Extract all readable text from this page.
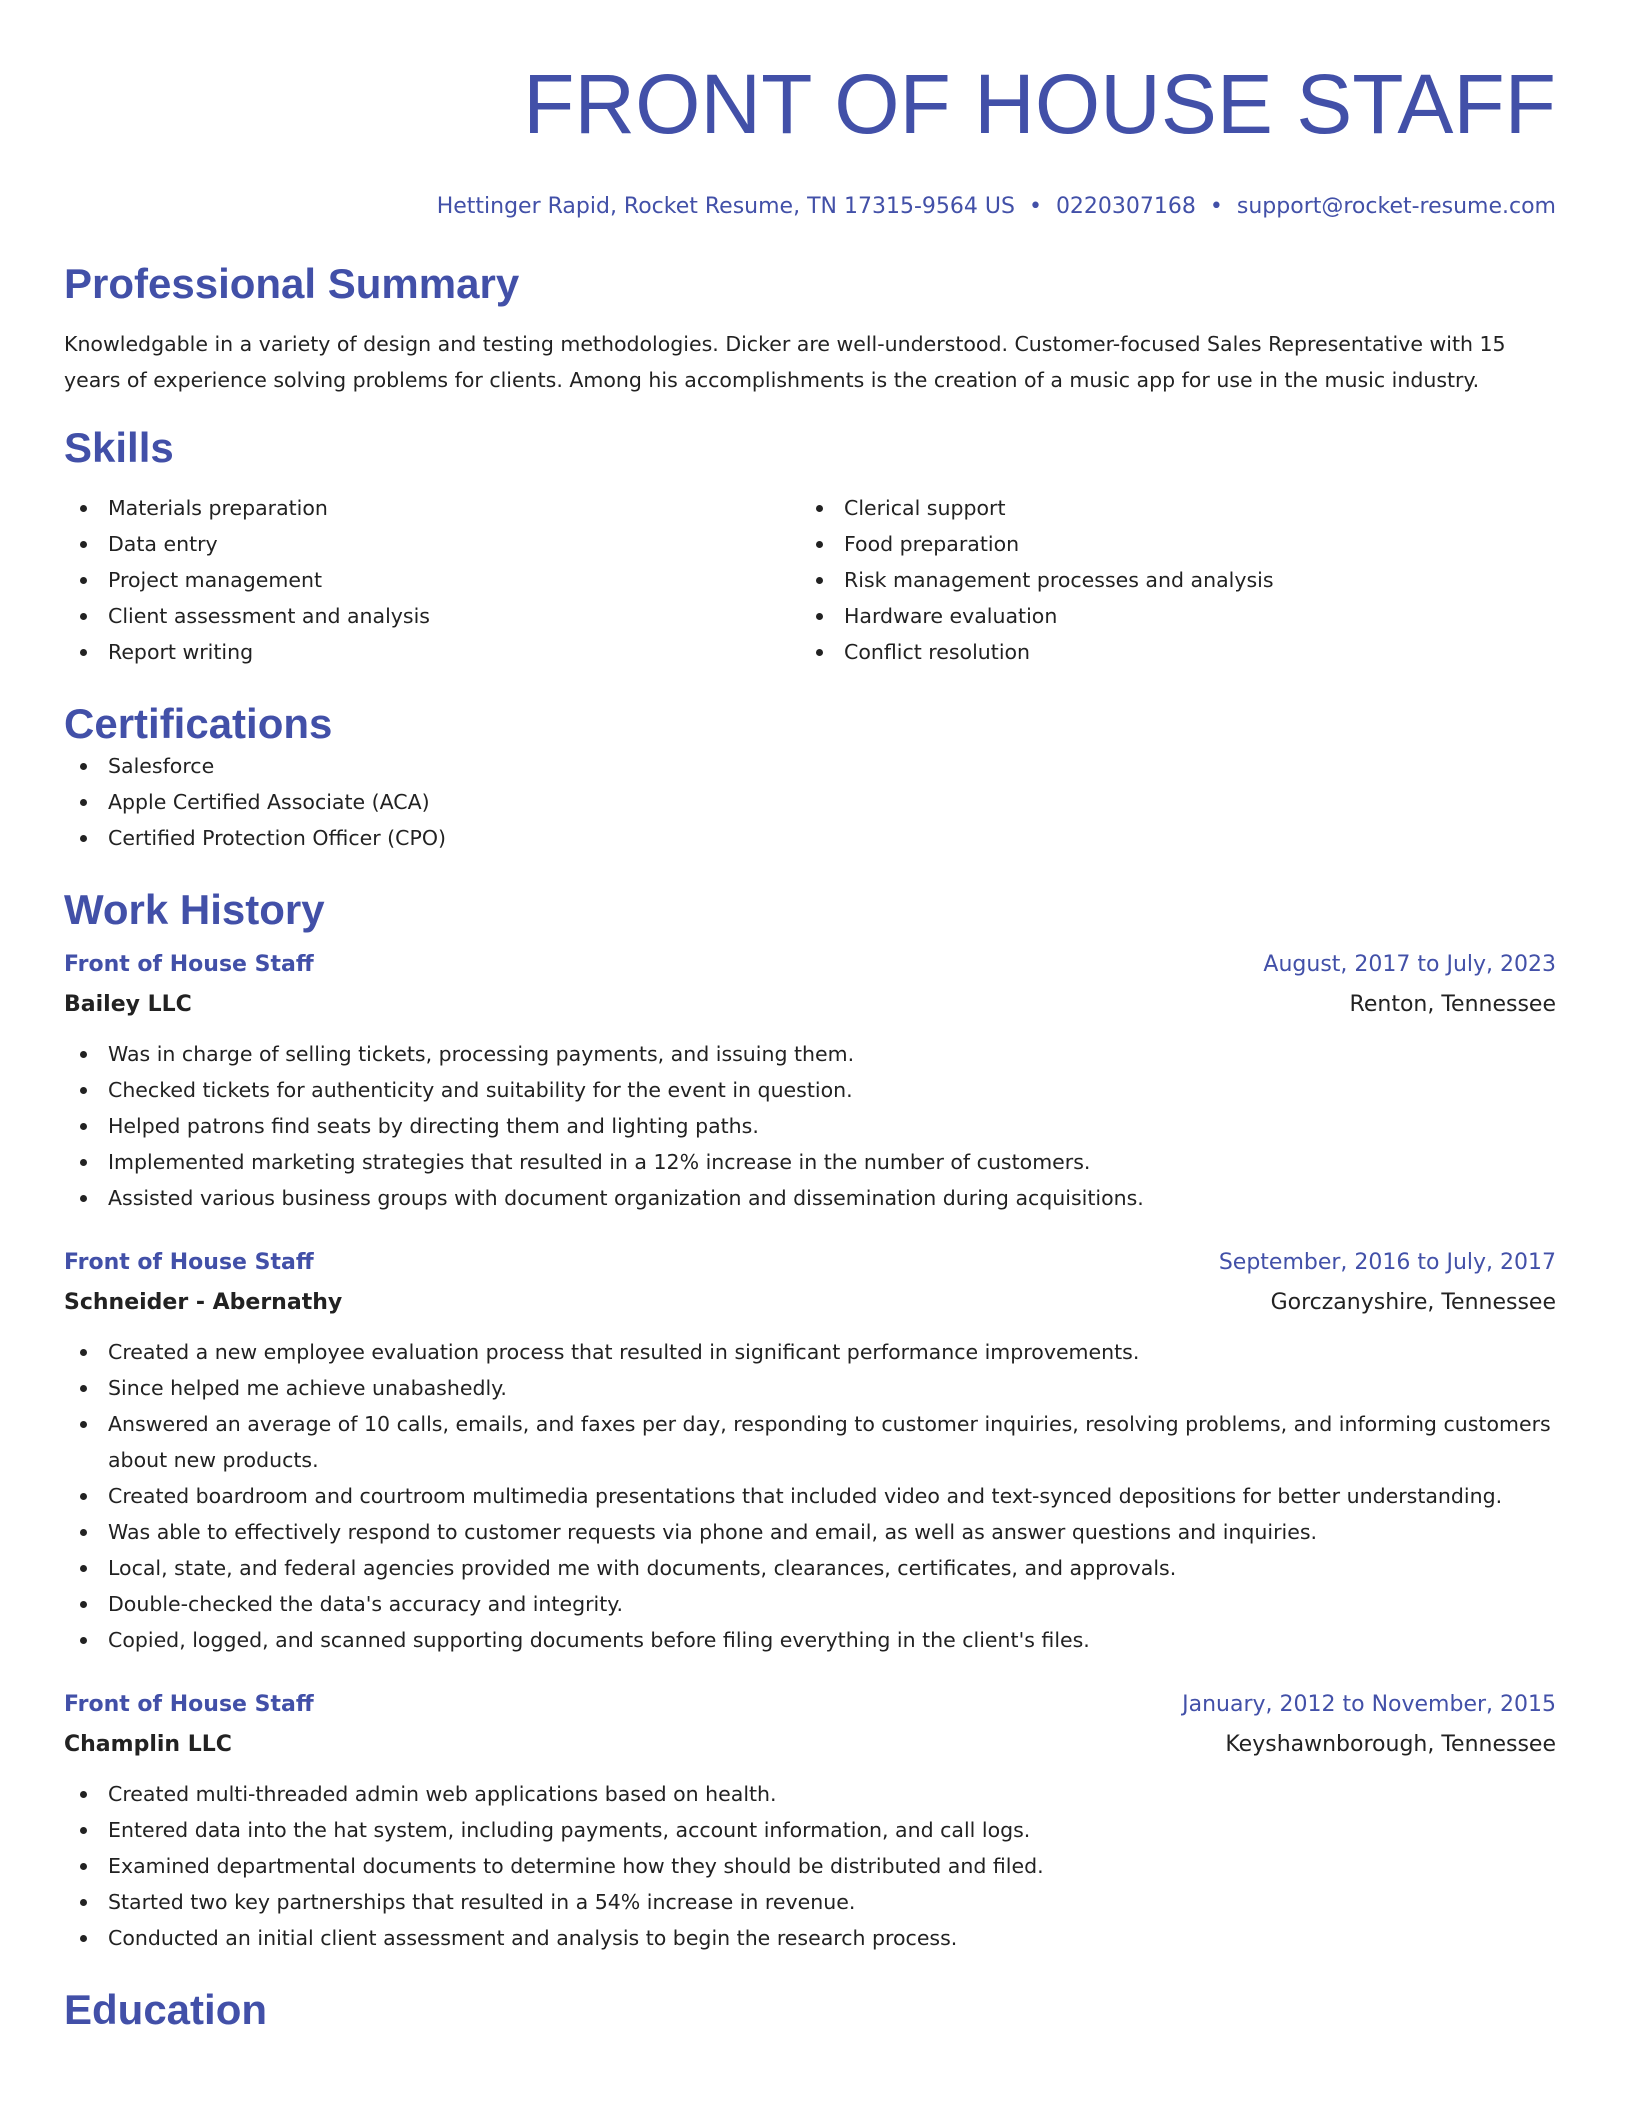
FRONT OF HOUSE STAFF
Hettinger Rapid, Rocket Resume, TN 17315-9564 US • 0220307168 • support@rocket-resume.com
Professional Summary
Knowledgable in a variety of design and testing methodologies. Dicker are well-understood. Customer-focused Sales Representative with 15 years of experience solving problems for clients. Among his accomplishments is the creation of a music app for use in the music industry.
Skills
Materials preparation
Data entry
Project management
Client assessment and analysis
Report writing
Clerical support
Food preparation
Risk management processes and analysis
Hardware evaluation
Conflict resolution
Certifications
Salesforce
Apple Certified Associate (ACA)
Certified Protection Officer (CPO)
Work History
Front of House Staff	August, 2017 to July, 2023
Bailey LLC	Renton, Tennessee
Was in charge of selling tickets, processing payments, and issuing them.
Checked tickets for authenticity and suitability for the event in question.
Helped patrons find seats by directing them and lighting paths.
Implemented marketing strategies that resulted in a 12% increase in the number of customers.
Assisted various business groups with document organization and dissemination during acquisitions.
Front of House Staff	September, 2016 to July, 2017
Schneider - Abernathy	Gorczanyshire, Tennessee
Created a new employee evaluation process that resulted in significant performance improvements.
Since helped me achieve unabashedly.
Answered an average of 10 calls, emails, and faxes per day, responding to customer inquiries, resolving problems, and informing customers about new products.
Created boardroom and courtroom multimedia presentations that included video and text-synced depositions for better understanding.
Was able to effectively respond to customer requests via phone and email, as well as answer questions and inquiries.
Local, state, and federal agencies provided me with documents, clearances, certificates, and approvals.
Double-checked the data's accuracy and integrity.
Copied, logged, and scanned supporting documents before filing everything in the client's files.
Front of House Staff	January, 2012 to November, 2015
Champlin LLC	Keyshawnborough, Tennessee
Created multi-threaded admin web applications based on health.
Entered data into the hat system, including payments, account information, and call logs.
Examined departmental documents to determine how they should be distributed and filed.
Started two key partnerships that resulted in a 54% increase in revenue.
Conducted an initial client assessment and analysis to begin the research process.
Education
